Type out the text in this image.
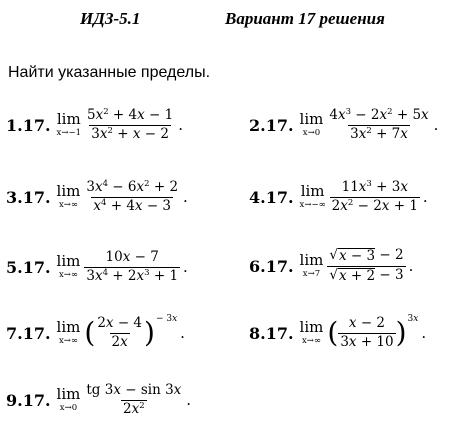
ИДЗ-5.1	Вариант 17 решения
Найти указанные пределы.
1.17. lim
$x\to-1 \frac{5x^2 + 4x - 1}{3x^2 + x - 2}$ .	2.17. lim
$x\to 0 \frac{4x^3 - 2x^2 + 5x}{3x^2 + 7x}$ .
3.17. lim
$x\to\infty \frac{3x^4 - 6x^2 + 2}{x^4 + 4x - 3}$ .	4.17. lim
$x\to-\infty \frac{11x^3 + 3x}{2x^2 - 2x + 1}$ .
5.17. lim
$x\to\infty \frac{10x - 7}{3x^4 + 2x^3 + 1}$ .	6.17. lim
$x\to 7 \frac{√ x - 3 - 2}{√ x + 2 - 3}$ .
7.17. lim
x→∞ ( $\frac{2x - 4}{2x}$ ) − 3x
.	8.17. lim
x→∞ ( $\frac{x - 2}{3x + 10}$ ) 3x
.
9.17. lim
$x\to 0 \frac{tg 3x - \sin 3x}{2x^2}$ .
